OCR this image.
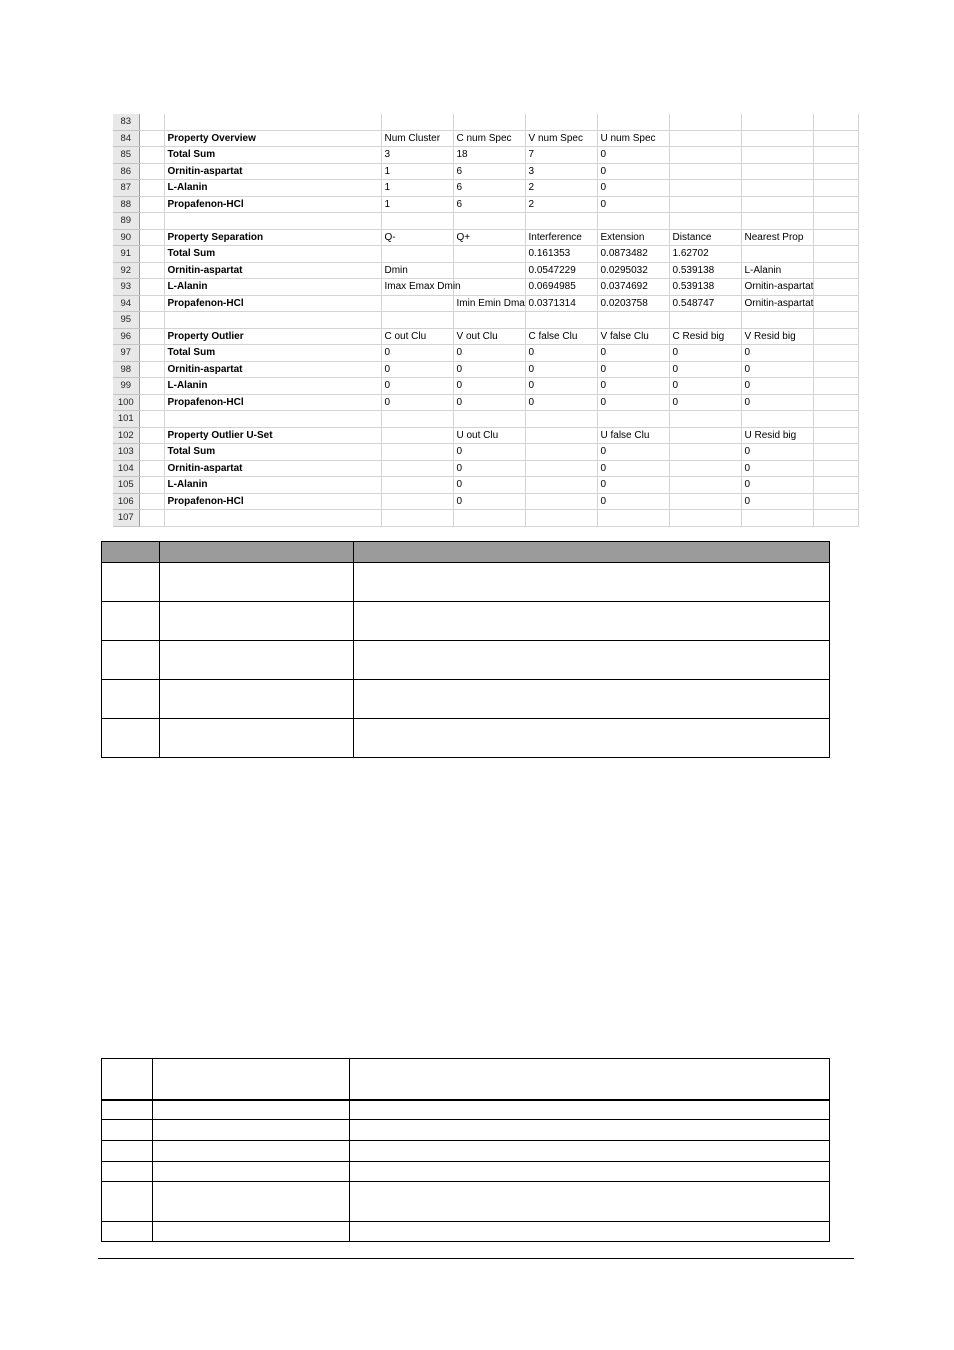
83									
84		Property Overview	Num Cluster	C num Spec	V num Spec	U num Spec			
85		Total Sum	3	18	7	0			
86		Ornitin-aspartat	1	6	3	0			
87		L-Alanin	1	6	2	0			
88		Propafenon-HCl	1	6	2	0			
89									
90		Property Separation	Q-	Q+	Interference	Extension	Distance	Nearest Prop	
91		Total Sum			0.161353	0.0873482	1.62702		
92		Ornitin-aspartat	Dmin		0.0547229	0.0295032	0.539138	L-Alanin	
93		L-Alanin	Imax Emax Dmin		0.0694985	0.0374692	0.539138	Ornitin-aspartat	
94		Propafenon-HCl		Imin Emin Dma	0.0371314	0.0203758	0.548747	Ornitin-aspartat	
95									
96		Property Outlier	C out Clu	V out Clu	C false Clu	V false Clu	C Resid big	V Resid big	
97		Total Sum	0	0	0	0	0	0	
98		Ornitin-aspartat	0	0	0	0	0	0	
99		L-Alanin	0	0	0	0	0	0	
100		Propafenon-HCl	0	0	0	0	0	0	
101									
102		Property Outlier U-Set		U out Clu		U false Clu		U Resid big	
103		Total Sum		0		0		0	
104		Ornitin-aspartat		0		0		0	
105		L-Alanin		0		0		0	
106		Propafenon-HCl		0		0		0	
107									
